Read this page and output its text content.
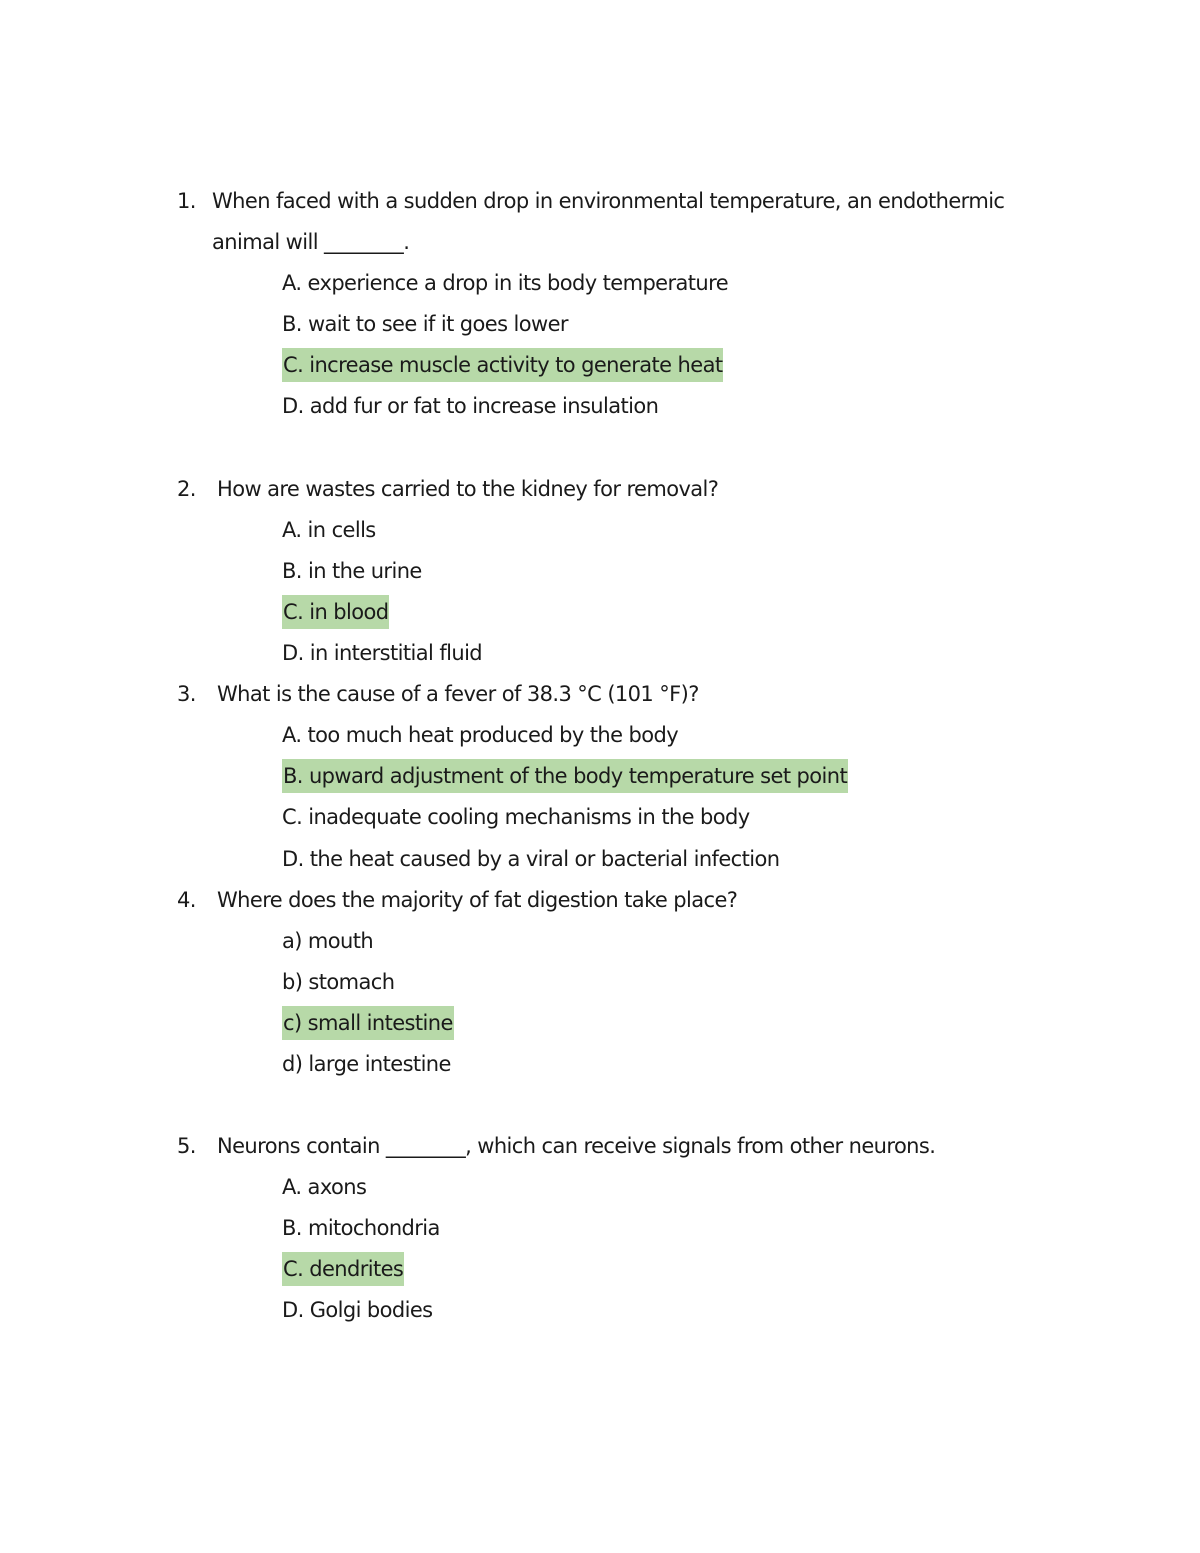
1. When faced with a sudden drop in environmental temperature, an endothermic
animal will ________.
A. experience a drop in its body temperature
B. wait to see if it goes lower
C. increase muscle activity to generate heat
D. add fur or fat to increase insulation
2. How are wastes carried to the kidney for removal?
A. in cells
B. in the urine
C. in blood
D. in interstitial fluid
3. What is the cause of a fever of 38.3 °C (101 °F)?
A. too much heat produced by the body
B. upward adjustment of the body temperature set point
C. inadequate cooling mechanisms in the body
D. the heat caused by a viral or bacterial infection
4. Where does the majority of fat digestion take place?
a) mouth
b) stomach
c) small intestine
d) large intestine
5. Neurons contain ________, which can receive signals from other neurons.
A. axons
B. mitochondria
C. dendrites
D. Golgi bodies
